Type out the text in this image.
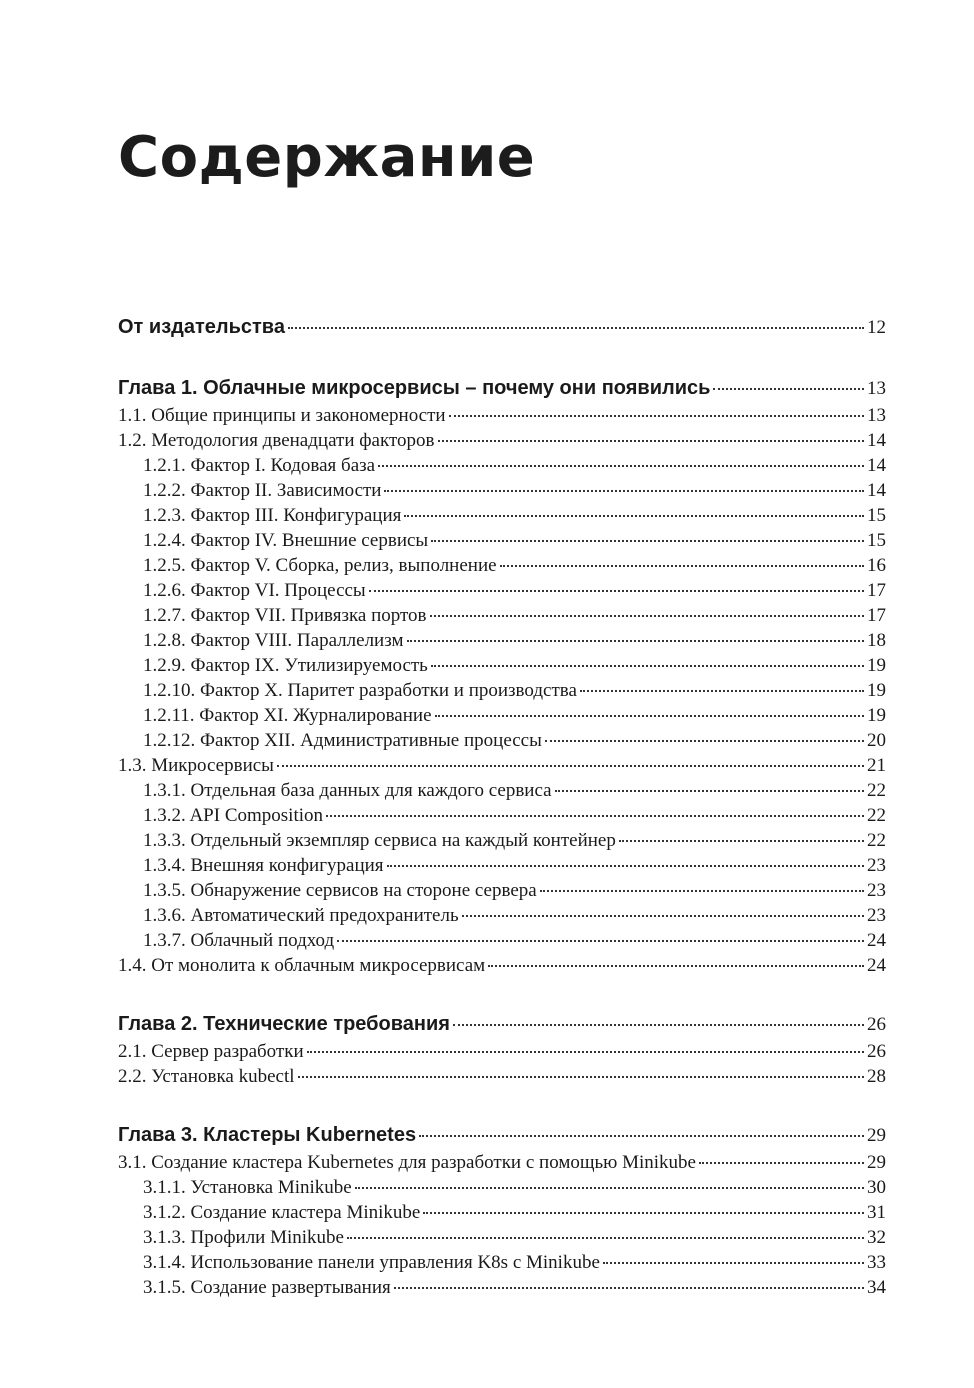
Содержание
От издательства	12
Глава 1. Облачные микросервисы – почему они появились	13
1.1. Общие принципы и закономерности	13
1.2. Методология двенадцати факторов	14
1.2.1. Фактор I. Кодовая база	14
1.2.2. Фактор II. Зависимости	14
1.2.3. Фактор III. Конфигурация	15
1.2.4. Фактор IV. Внешние сервисы	15
1.2.5. Фактор V. Сборка, релиз, выполнение	16
1.2.6. Фактор VI. Процессы	17
1.2.7. Фактор VII. Привязка портов	17
1.2.8. Фактор VIII. Параллелизм	18
1.2.9. Фактор IX. Утилизируемость	19
1.2.10. Фактор X. Паритет разработки и производства	19
1.2.11. Фактор XI. Журналирование	19
1.2.12. Фактор XII. Административные процессы	20
1.3. Микросервисы	21
1.3.1. Отдельная база данных для каждого сервиса	22
1.3.2. API Composition	22
1.3.3. Отдельный экземпляр сервиса на каждый контейнер	22
1.3.4. Внешняя конфигурация	23
1.3.5. Обнаружение сервисов на стороне сервера	23
1.3.6. Автоматический предохранитель	23
1.3.7. Облачный подход	24
1.4. От монолита к облачным микросервисам	24
Глава 2. Технические требования	26
2.1. Сервер разработки	26
2.2. Установка kubectl	28
Глава 3. Кластеры Kubernetes	29
3.1. Создание кластера Kubernetes для разработки с помощью Minikube	29
3.1.1. Установка Minikube	30
3.1.2. Создание кластера Minikube	31
3.1.3. Профили Minikube	32
3.1.4. Использование панели управления K8s с Minikube	33
3.1.5. Создание развертывания	34
